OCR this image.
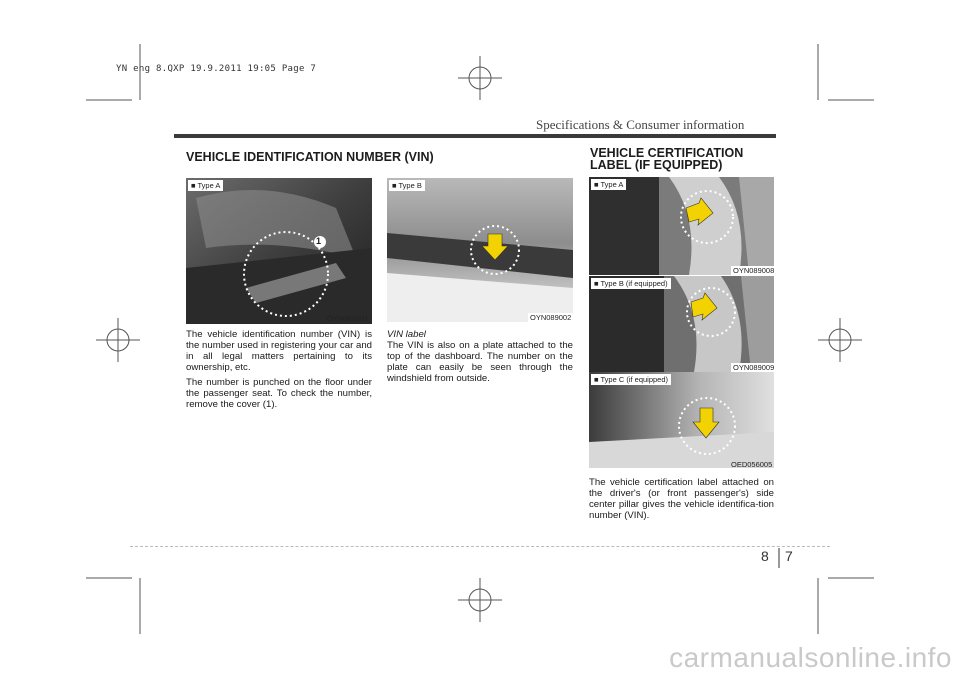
YN eng 8.QXP 19.9.2011 19:05 Page 7
Specifications & Consumer information
VEHICLE IDENTIFICATION NUMBER (VIN)
■ Type A
1
OYN089001
■ Type B
OYN089002

The vehicle identification number (VIN) is the number used in registering your car and in all legal matters pertaining to its ownership, etc.

The number is punched on the floor under the passenger seat. To check the number, remove the cover (1).

VIN label

The VIN is also on a plate attached to the top of the dashboard. The number on the plate can easily be seen through the windshield from outside.

VEHICLE CERTIFICATION
LABEL (IF EQUIPPED)
■ Type A
OYN089008
■ Type B (if equipped)
OYN089009
■ Type C (if equipped)
OED056005

The vehicle certification label attached on the driver's (or front passenger's) side center pillar gives the vehicle identifica-tion number (VIN).

8 7
carmanualsonline.info
